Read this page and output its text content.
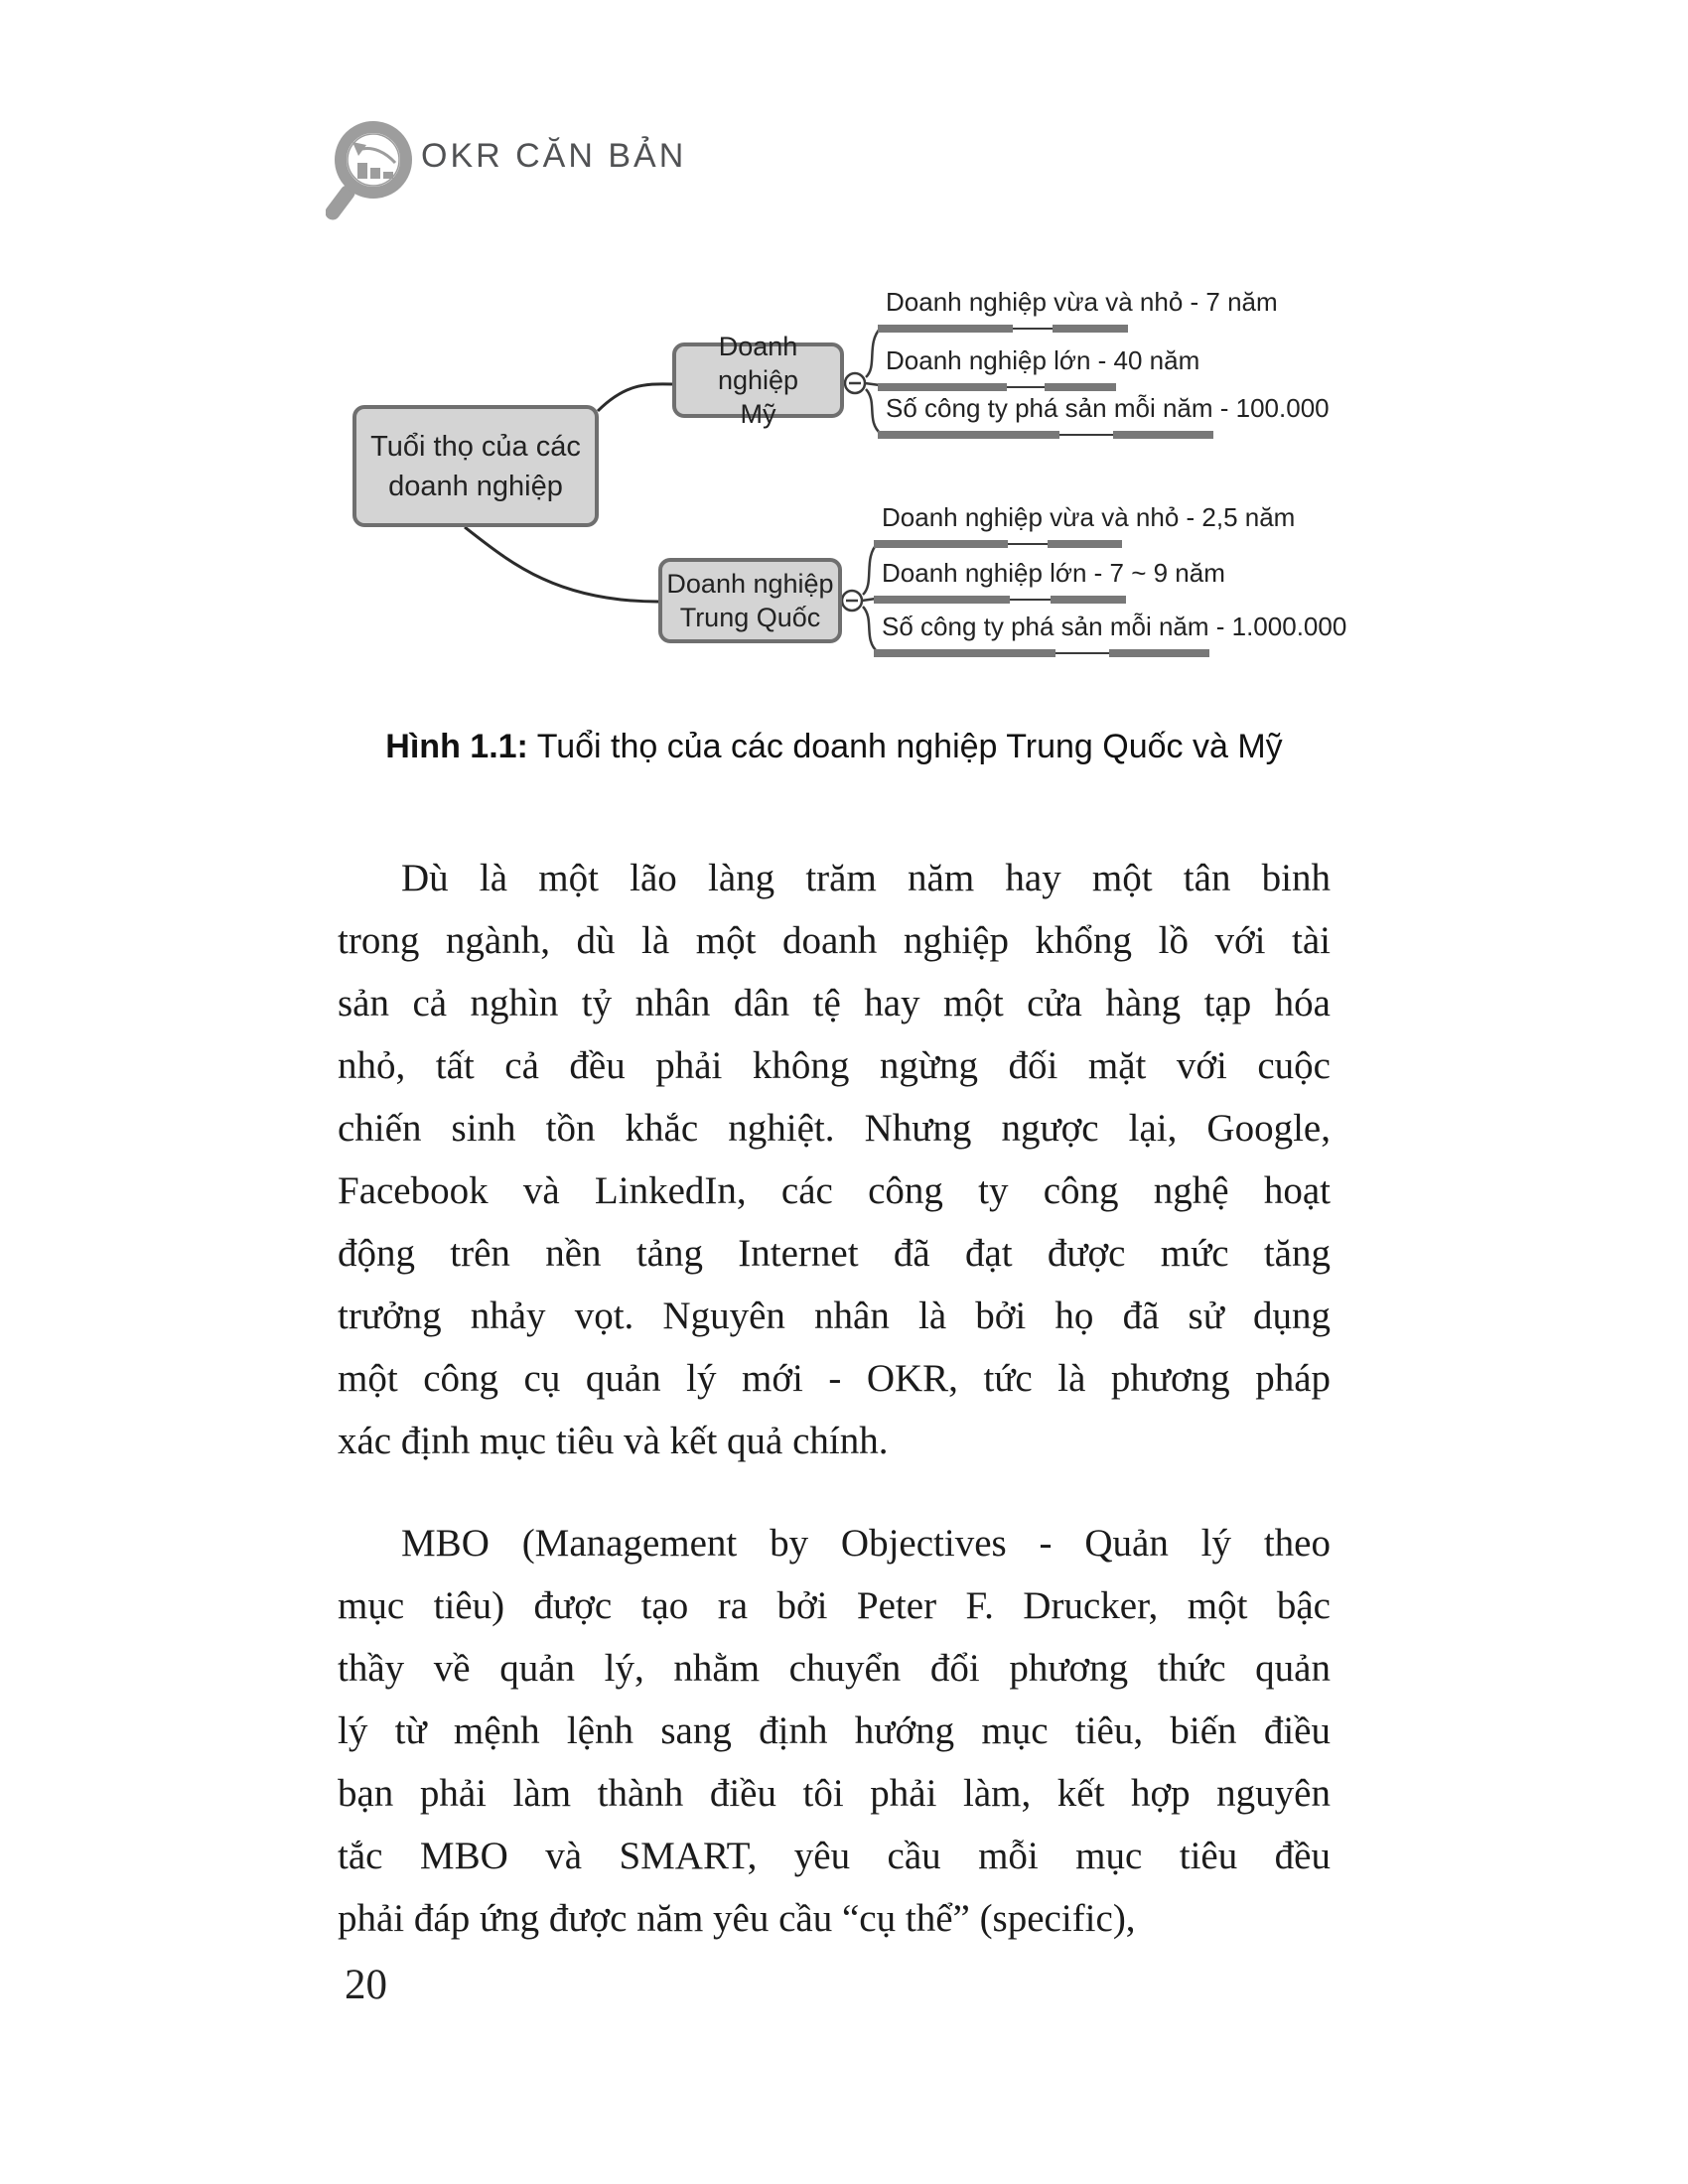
OKR CĂN BẢN
Tuổi thọ của các
doanh nghiệp
Doanh nghiệp
Mỹ
Doanh nghiệp
Trung Quốc
Doanh nghiệp vừa và nhỏ - 7 năm
Doanh nghiệp lớn - 40 năm
Số công ty phá sản mỗi năm - 100.000
Doanh nghiệp vừa và nhỏ - 2,5 năm
Doanh nghiệp lớn - 7 ~ 9 năm
Số công ty phá sản mỗi năm - 1.000.000
Hình 1.1: Tuổi thọ của các doanh nghiệp Trung Quốc và Mỹ
Dù là một lão làng trăm năm hay một tân binh
trong ngành, dù là một doanh nghiệp khổng lồ với tài
sản cả nghìn tỷ nhân dân tệ hay một cửa hàng tạp hóa
nhỏ, tất cả đều phải không ngừng đối mặt với cuộc
chiến sinh tồn khắc nghiệt. Nhưng ngược lại, Google,
Facebook và LinkedIn, các công ty công nghệ hoạt
động trên nền tảng Internet đã đạt được mức tăng
trưởng nhảy vọt. Nguyên nhân là bởi họ đã sử dụng
một công cụ quản lý mới - OKR, tức là phương pháp
xác định mục tiêu và kết quả chính.
MBO (Management by Objectives - Quản lý theo
mục tiêu) được tạo ra bởi Peter F. Drucker, một bậc
thầy về quản lý, nhằm chuyển đổi phương thức quản
lý từ mệnh lệnh sang định hướng mục tiêu, biến điều
bạn phải làm thành điều tôi phải làm, kết hợp nguyên
tắc MBO và SMART, yêu cầu mỗi mục tiêu đều
phải đáp ứng được năm yêu cầu “cụ thể” (specific),
20
